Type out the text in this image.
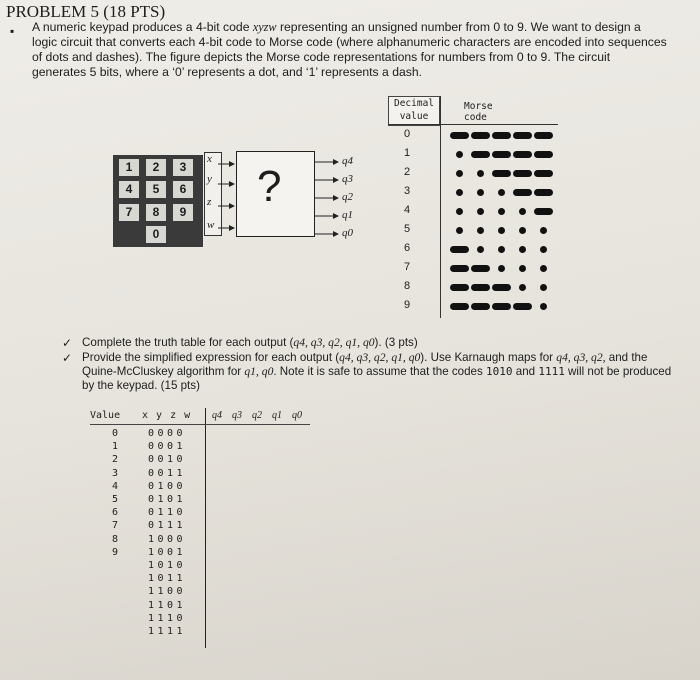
PROBLEM 5 (18 PTS)
▪ A numeric keypad produces a 4-bit code xyzw representing an unsigned number from 0 to 9. We want to design a logic circuit that converts each 4-bit code to Morse code (where alphanumeric characters are encoded into sequences of dots and dashes). The figure depicts the Morse code representations for numbers from 0 to 9. The circuit generates 5 bits, where a ‘0’ represents a dot, and ‘1’ represents a dash.
1	2	3
4	5	6
7	8	9
0
x
y
z
w
?
q4
q3
q2
q1
q0
Decimal
value
Morse code
0
1
2
3
4
5
6
7
8
9
✓ Complete the truth table for each output (q4, q3, q2, q1, q0). (3 pts)
✓ Provide the simplified expression for each output (q4, q3, q2, q1, q0). Use Karnaugh maps for q4, q3, q2, and the Quine-McCluskey algorithm for q1, q0. Note it is safe to assume that the codes 1010 and 1111 will not be produced by the keypad. (15 pts)
Value x y z w q4 q3 q2 q1 q0
0	0000
1	0001
2	0010
3	0011
4	0100
5	0101
6	0110
7	0111
8	1000
9	1001
1010
1011
1100
1101
1110
1111
